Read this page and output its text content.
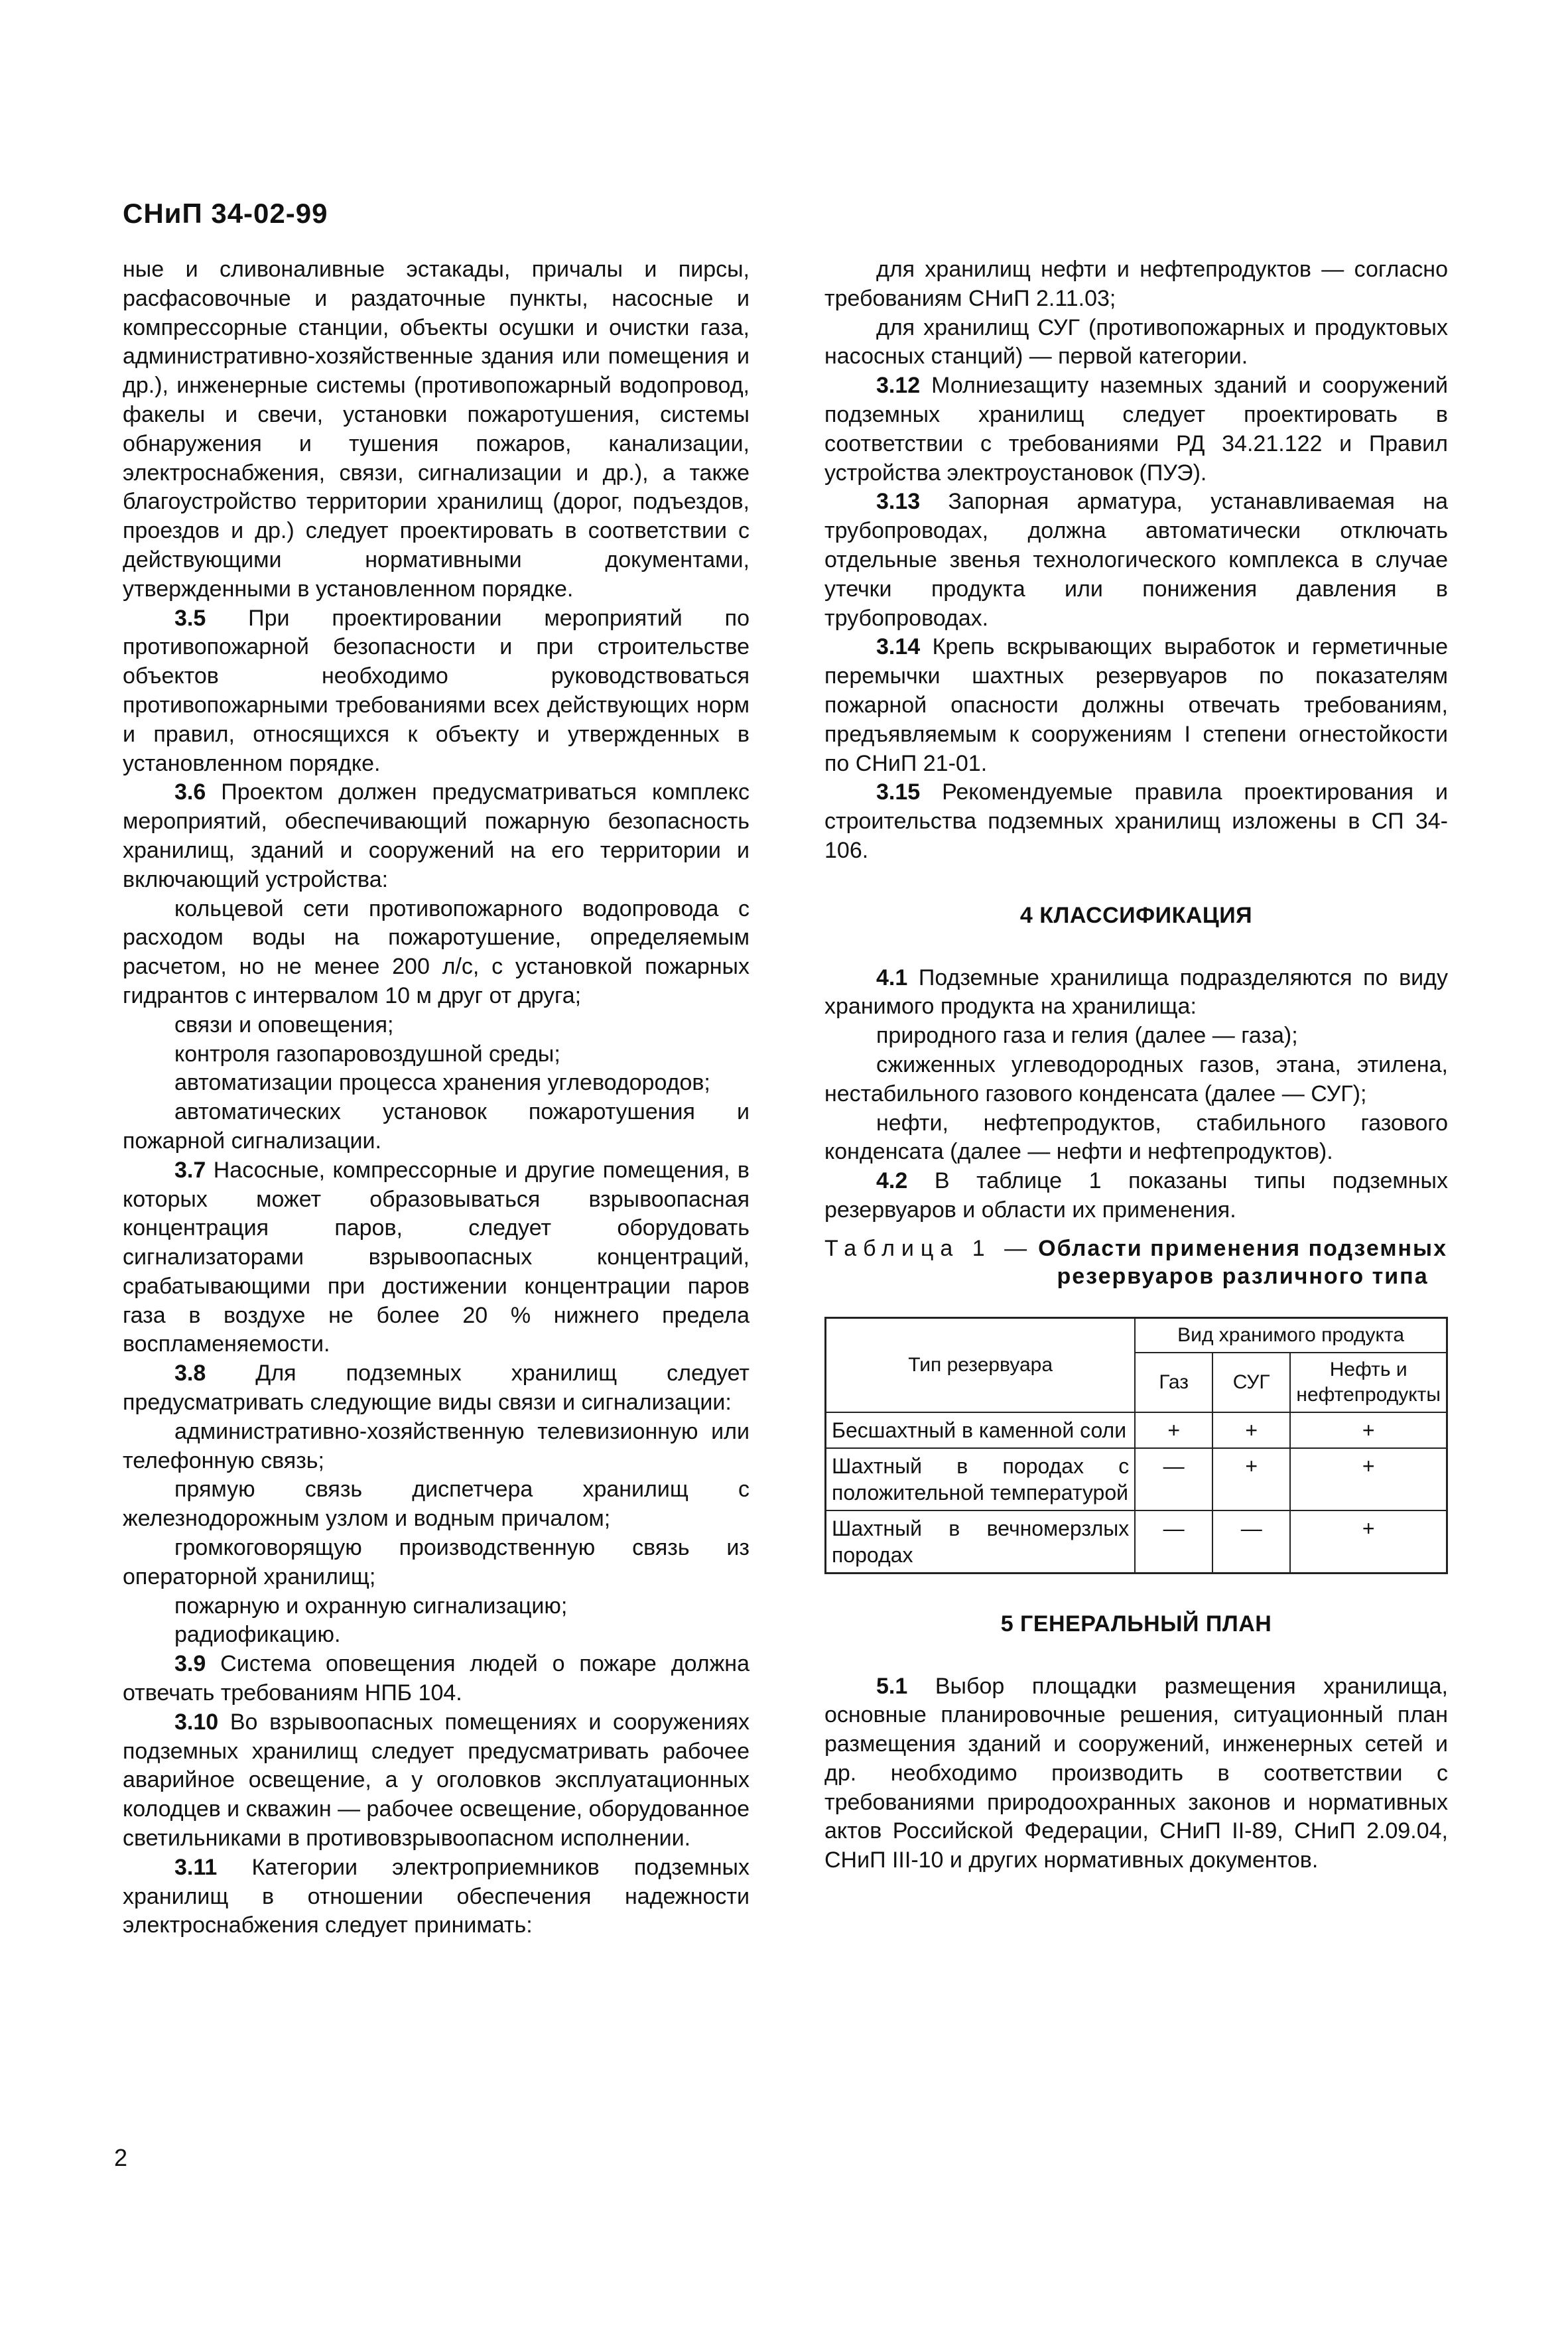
СНиП 34-02-99

ные и сливоналивные эстакады, причалы и пирсы, расфасовочные и раздаточные пункты, насосные и компрессорные станции, объекты осушки и очистки газа, административно-хозяйственные здания или помещения и др.), инженерные системы (противопожарный водопровод, факелы и свечи, установки пожаротушения, системы обнаружения и тушения пожаров, канализации, электроснабжения, связи, сигнализации и др.), а также благоустройство территории хранилищ (дорог, подъездов, проездов и др.) следует проектировать в соответствии с действующими нормативными документами, утвержденными в установленном порядке.

3.5 При проектировании мероприятий по противопожарной безопасности и при строительстве объектов необходимо руководствоваться противопожарными требованиями всех действующих норм и правил, относящихся к объекту и утвержденных в установленном порядке.

3.6 Проектом должен предусматриваться комплекс мероприятий, обеспечивающий пожарную безопасность хранилищ, зданий и сооружений на его территории и включающий устройства:

кольцевой сети противопожарного водопровода с расходом воды на пожаротушение, определяемым расчетом, но не менее 200 л/с, с установкой пожарных гидрантов с интервалом 10 м друг от друга;

связи и оповещения;

контроля газопаровоздушной среды;

автоматизации процесса хранения углеводородов;

автоматических установок пожаротушения и пожарной сигнализации.

3.7 Насосные, компрессорные и другие помещения, в которых может образовываться взрывоопасная концентрация паров, следует оборудовать сигнализаторами взрывоопасных концентраций, срабатывающими при достижении концентрации паров газа в воздухе не более 20 % нижнего предела воспламеняемости.

3.8 Для подземных хранилищ следует предусматривать следующие виды связи и сигнализации:

административно-хозяйственную телевизионную или телефонную связь;

прямую связь диспетчера хранилищ с железнодорожным узлом и водным причалом;

громкоговорящую производственную связь из операторной хранилищ;

пожарную и охранную сигнализацию;

радиофикацию.

3.9 Система оповещения людей о пожаре должна отвечать требованиям НПБ 104.

3.10 Во взрывоопасных помещениях и сооружениях подземных хранилищ следует предусматривать рабочее аварийное освещение, а у оголовков эксплуатационных колодцев и скважин — рабочее освещение, оборудованное светильниками в противовзрывоопасном исполнении.

3.11 Категории электроприемников подземных хранилищ в отношении обеспечения надежности электроснабжения следует принимать:

для хранилищ нефти и нефтепродуктов — согласно требованиям СНиП 2.11.03;

для хранилищ СУГ (противопожарных и продуктовых насосных станций) — первой категории.

3.12 Молниезащиту наземных зданий и сооружений подземных хранилищ следует проектировать в соответствии с требованиями РД 34.21.122 и Правил устройства электроустановок (ПУЭ).

3.13 Запорная арматура, устанавливаемая на трубопроводах, должна автоматически отключать отдельные звенья технологического комплекса в случае утечки продукта или понижения давления в трубопроводах.

3.14 Крепь вскрывающих выработок и герметичные перемычки шахтных резервуаров по показателям пожарной опасности должны отвечать требованиям, предъявляемым к сооружениям I степени огнестойкости по СНиП 21-01.

3.15 Рекомендуемые правила проектирования и строительства подземных хранилищ изложены в СП 34-106.

4 КЛАССИФИКАЦИЯ

4.1 Подземные хранилища подразделяются по виду хранимого продукта на хранилища:

природного газа и гелия (далее — газа);

сжиженных углеводородных газов, этана, этилена, нестабильного газового конденсата (далее — СУГ);

нефти, нефтепродуктов, стабильного газового конденсата (далее — нефти и нефтепродуктов).

4.2 В таблице 1 показаны типы подземных резервуаров и области их применения.

Таблица 1 — Области применения подземных резервуаров различного типа
Тип резервуара	Вид хранимого продукта		
	Газ	СУГ	Нефть и нефтепродукты
Бесшахтный в каменной соли	+	+	+
Шахтный в породах с положительной температурой	—	+	+
Шахтный в вечномерзлых породах	—	—	+
5 ГЕНЕРАЛЬНЫЙ ПЛАН

5.1 Выбор площадки размещения хранилища, основные планировочные решения, ситуационный план размещения зданий и сооружений, инженерных сетей и др. необходимо производить в соответствии с требованиями природоохранных законов и нормативных актов Российской Федерации, СНиП II-89, СНиП 2.09.04, СНиП III-10 и других нормативных документов.

2
